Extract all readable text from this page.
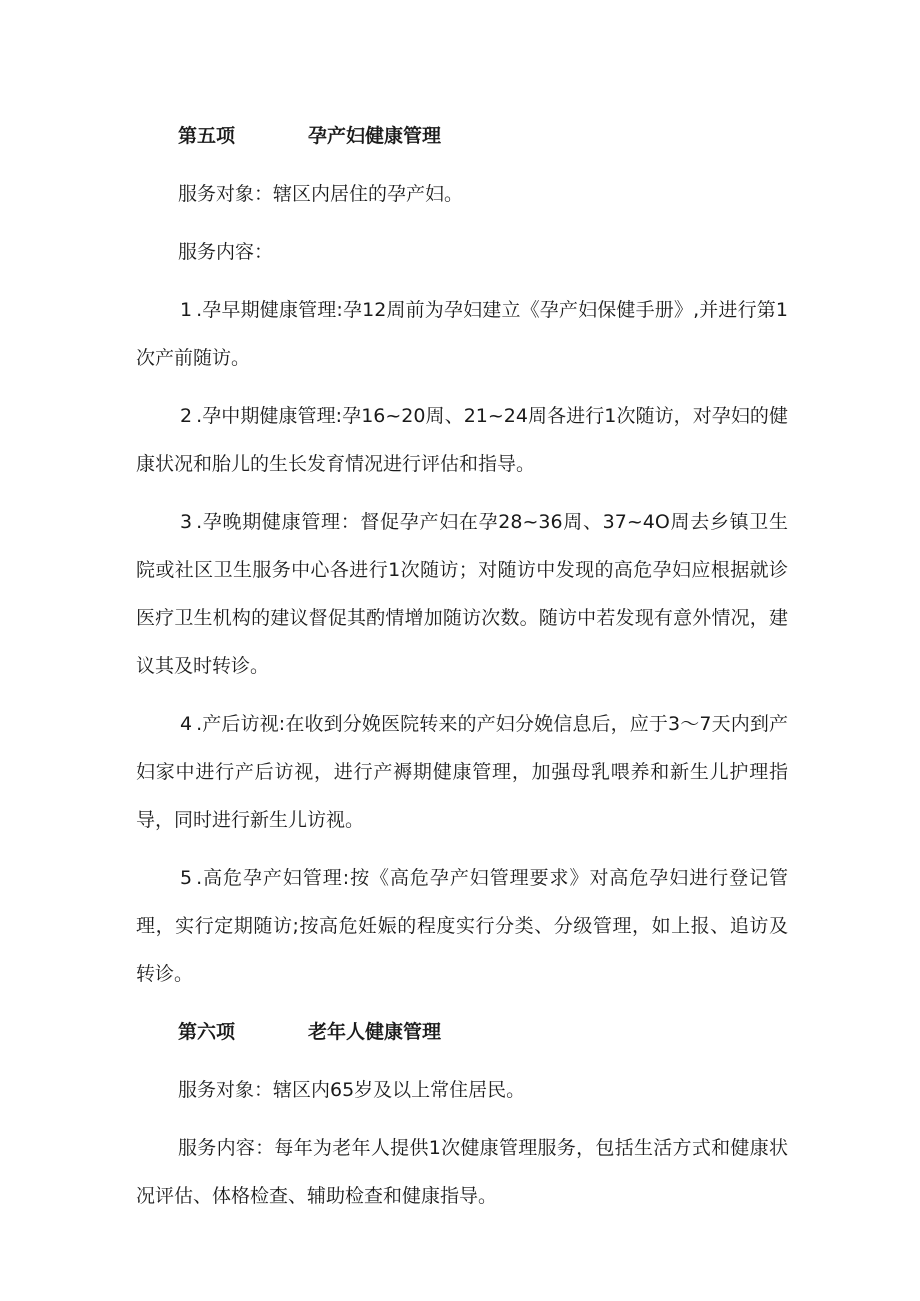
第五项	孕产妇健康管理

服务对象：辖区内居住的孕产妇。

服务内容：

1 .孕早期健康管理:孕12周前为孕妇建立《孕产妇保健手册》,并进行第1次产前随访。

2 .孕中期健康管理:孕16~20周、21~24周各进行1次随访，对孕妇的健康状况和胎儿的生长发育情况进行评估和指导。

3 .孕晚期健康管理：督促孕产妇在孕28~36周、37~4O周去乡镇卫生院或社区卫生服务中心各进行1次随访；对随访中发现的高危孕妇应根据就诊医疗卫生机构的建议督促其酌情增加随访次数。随访中若发现有意外情况，建议其及时转诊。

4 .产后访视:在收到分娩医院转来的产妇分娩信息后，应于3〜7天内到产妇家中进行产后访视，进行产褥期健康管理，加强母乳喂养和新生儿护理指导，同时进行新生儿访视。

5 .高危孕产妇管理:按《高危孕产妇管理要求》对高危孕妇进行登记管理，实行定期随访;按高危妊娠的程度实行分类、分级管理，如上报、追访及转诊。

第六项	老年人健康管理

服务对象：辖区内65岁及以上常住居民。

服务内容：每年为老年人提供1次健康管理服务，包括生活方式和健康状况评估、体格检查、辅助检查和健康指导。
